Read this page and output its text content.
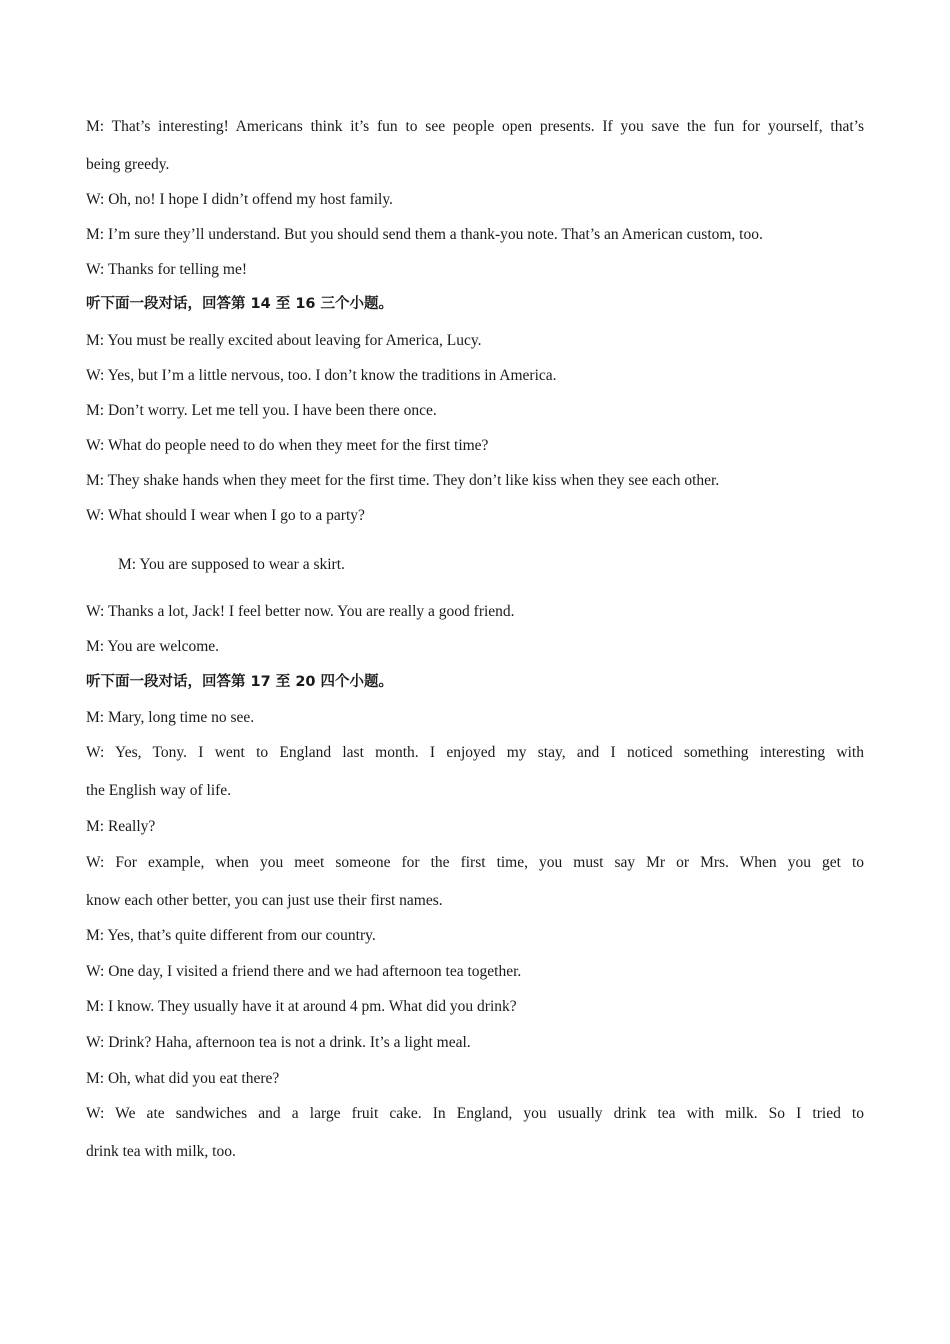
M: That’s interesting! Americans think it’s fun to see people open presents. If you save the fun for yourself, that’s
being greedy.
W: Oh, no! I hope I didn’t offend my host family.
M: I’m sure they’ll understand. But you should send them a thank-you note. That’s an American custom, too.
W: Thanks for telling me!
听下面一段对话，回答第 14 至 16 三个小题。
M: You must be really excited about leaving for America, Lucy.
W: Yes, but I’m a little nervous, too. I don’t know the traditions in America.
M: Don’t worry. Let me tell you. I have been there once.
W: What do people need to do when they meet for the first time?
M: They shake hands when they meet for the first time. They don’t like kiss when they see each other.
W: What should I wear when I go to a party?
M: You are supposed to wear a skirt.
W: Thanks a lot, Jack! I feel better now. You are really a good friend.
M: You are welcome.
听下面一段对话，回答第 17 至 20 四个小题。
M: Mary, long time no see.
W: Yes, Tony. I went to England last month. I enjoyed my stay, and I noticed something interesting with
the English way of life.
M: Really?
W: For example, when you meet someone for the first time, you must say Mr or Mrs. When you get to
know each other better, you can just use their first names.
M: Yes, that’s quite different from our country.
W: One day, I visited a friend there and we had afternoon tea together.
M: I know. They usually have it at around 4 pm. What did you drink?
W: Drink? Haha, afternoon tea is not a drink. It’s a light meal.
M: Oh, what did you eat there?
W: We ate sandwiches and a large fruit cake. In England, you usually drink tea with milk. So I tried to
drink tea with milk, too.
